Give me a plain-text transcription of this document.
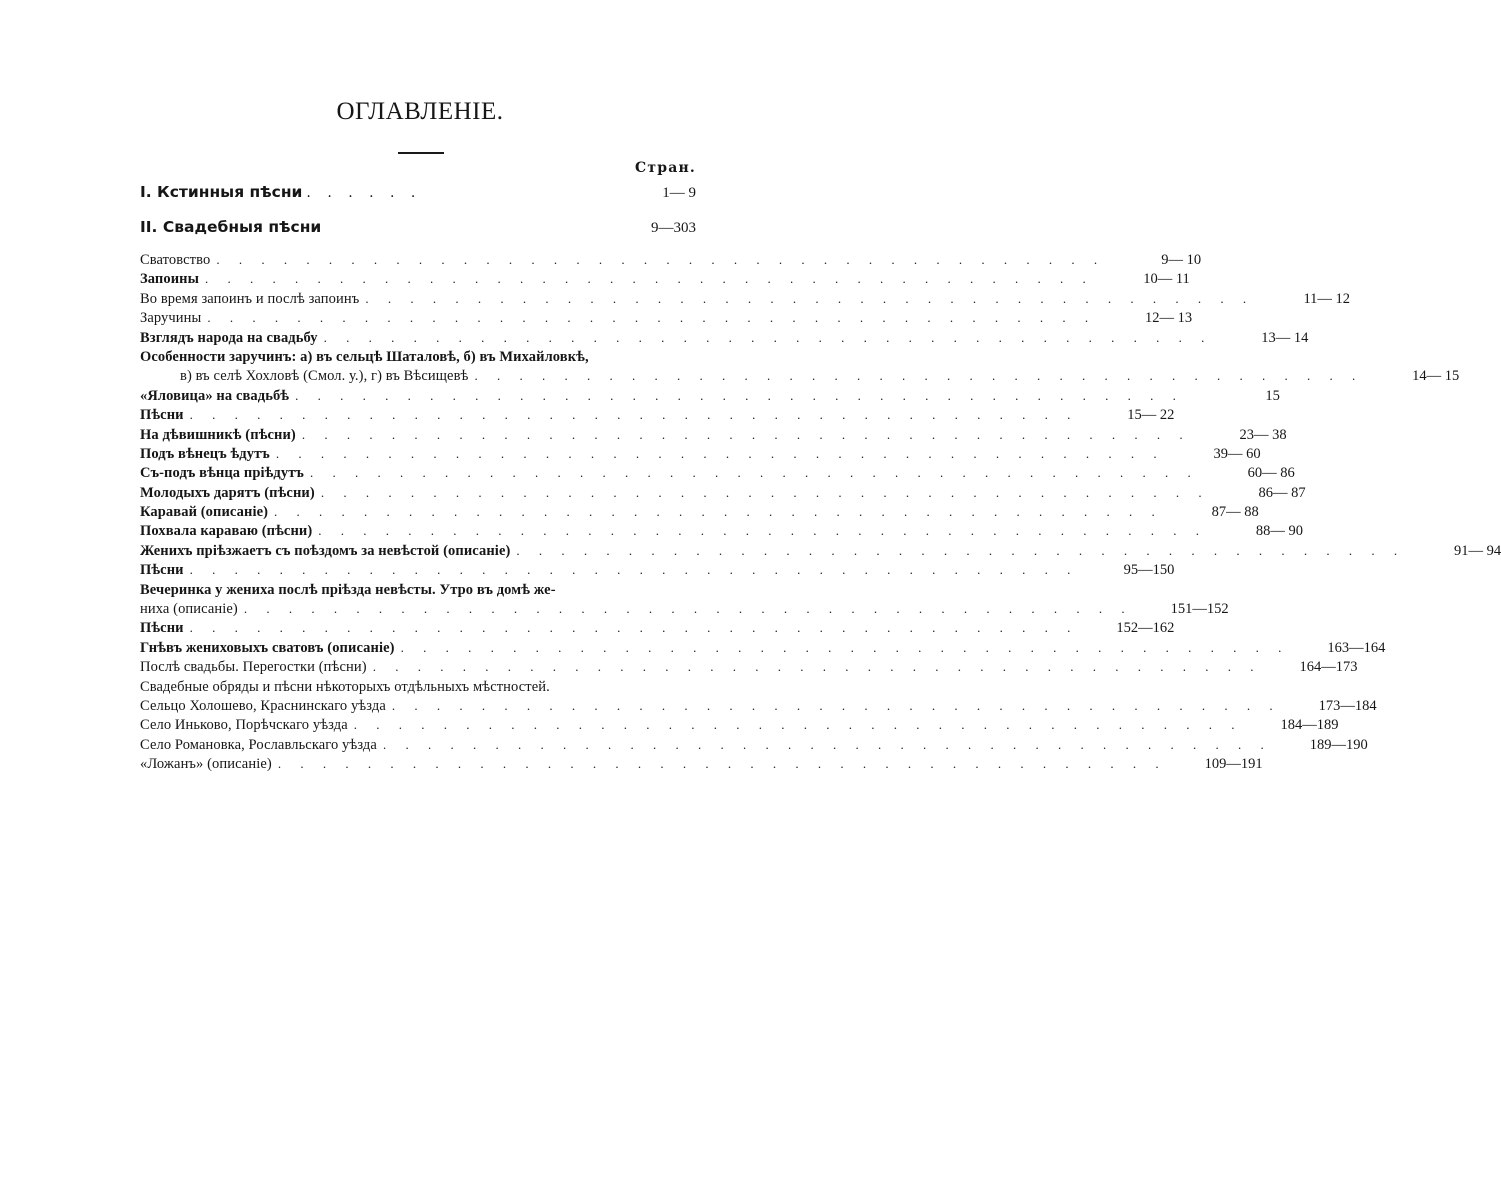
ОГЛАВЛЕНІЕ.
Стран.
I. Кстинныя пѣсни . . . . . .	1— 9
II. Свадебныя пѣсни	9—303
Сватовство . . . . . . . . . . . . . . . . . . . . . . . . . . . . . . . . . . . . . . . .	9— 10
Запоины . . . . . . . . . . . . . . . . . . . . . . . . . . . . . . . . . . . . . . . .	10— 11
Во время запоинъ и послѣ запоинъ . . . . . . . . . . . . . . . . . . . . . . . . . . . . . . . . . . . . . . . .	11— 12
Заручины . . . . . . . . . . . . . . . . . . . . . . . . . . . . . . . . . . . . . . . .	12— 13
Взглядъ народа на свадьбу . . . . . . . . . . . . . . . . . . . . . . . . . . . . . . . . . . . . . . . .	13— 14
Особенности заручинъ: а) въ сельцѣ Шаталовѣ, б) въ Михайловкѣ,
в) въ селѣ Хохловѣ (Смол. у.), г) въ Вѣсищевѣ . . . . . . . . . . . . . . . . . . . . . . . . . . . . . . . . . . . . . . . .	14— 15
«Яловица» на свадьбѣ . . . . . . . . . . . . . . . . . . . . . . . . . . . . . . . . . . . . . . . .	15
Пѣсни . . . . . . . . . . . . . . . . . . . . . . . . . . . . . . . . . . . . . . . .	15— 22
На дѣвишникѣ (пѣсни) . . . . . . . . . . . . . . . . . . . . . . . . . . . . . . . . . . . . . . . .	23— 38
Подъ вѣнецъ ѣдутъ . . . . . . . . . . . . . . . . . . . . . . . . . . . . . . . . . . . . . . . .	39— 60
Съ-подъ вѣнца пріѣдутъ . . . . . . . . . . . . . . . . . . . . . . . . . . . . . . . . . . . . . . . .	60— 86
Молодыхъ дарятъ (пѣсни) . . . . . . . . . . . . . . . . . . . . . . . . . . . . . . . . . . . . . . . .	86— 87
Каравай (описаніе) . . . . . . . . . . . . . . . . . . . . . . . . . . . . . . . . . . . . . . . .	87— 88
Похвала караваю (пѣсни) . . . . . . . . . . . . . . . . . . . . . . . . . . . . . . . . . . . . . . . .	88— 90
Женихъ пріѣзжаетъ съ поѣздомъ за невѣстой (описаніе) . . . . . . . . . . . . . . . . . . . . . . . . . . . . . . . . . . . . . . . .	91— 94
Пѣсни . . . . . . . . . . . . . . . . . . . . . . . . . . . . . . . . . . . . . . . .	95—150
Вечеринка у жениха послѣ пріѣзда невѣсты. Утро въ домѣ же-
ниха (описаніе) . . . . . . . . . . . . . . . . . . . . . . . . . . . . . . . . . . . . . . . .	151—152
Пѣсни . . . . . . . . . . . . . . . . . . . . . . . . . . . . . . . . . . . . . . . .	152—162
Гнѣвъ жениховыхъ сватовъ (описаніе) . . . . . . . . . . . . . . . . . . . . . . . . . . . . . . . . . . . . . . . .	163—164
Послѣ свадьбы. Перегостки (пѣсни) . . . . . . . . . . . . . . . . . . . . . . . . . . . . . . . . . . . . . . . .	164—173
Свадебные обряды и пѣсни нѣкоторыхъ отдѣльныхъ мѣстностей.
Сельцо Холошево, Краснинскаго уѣзда . . . . . . . . . . . . . . . . . . . . . . . . . . . . . . . . . . . . . . . .	173—184
Село Иньково, Порѣчскаго уѣзда . . . . . . . . . . . . . . . . . . . . . . . . . . . . . . . . . . . . . . . .	184—189
Село Романовка, Рославльскаго уѣзда . . . . . . . . . . . . . . . . . . . . . . . . . . . . . . . . . . . . . . . .	189—190
«Ложанъ» (описаніе) . . . . . . . . . . . . . . . . . . . . . . . . . . . . . . . . . . . . . . . .	109—191
